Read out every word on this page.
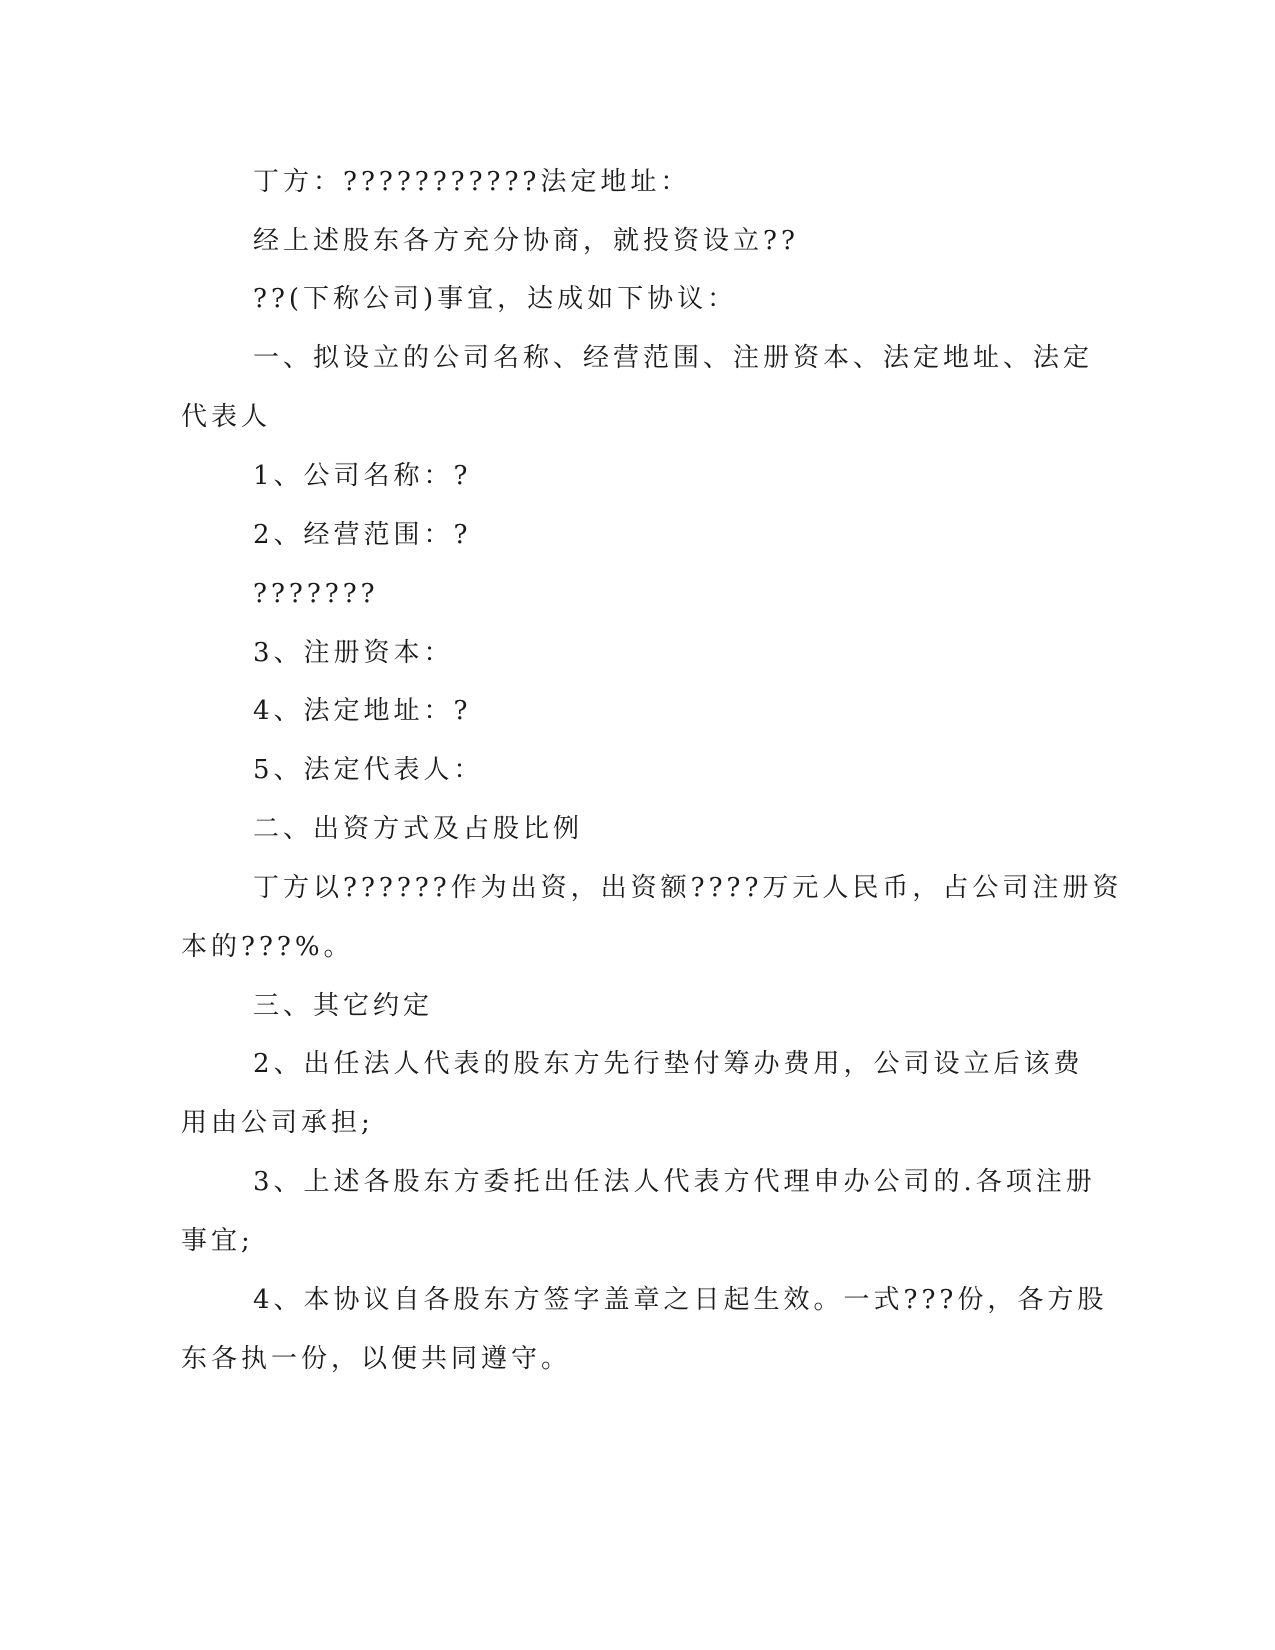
丁方：???????????法定地址：
经上述股东各方充分协商，就投资设立??
??(下称公司)事宜，达成如下协议：
一、拟设立的公司名称、经营范围、注册资本、法定地址、法定
代表人
1、公司名称：?
2、经营范围：?
???????
3、注册资本：
4、法定地址：?
5、法定代表人：
二、出资方式及占股比例
丁方以??????作为出资，出资额????万元人民币，占公司注册资
本的???%。
三、其它约定
2、出任法人代表的股东方先行垫付筹办费用，公司设立后该费
用由公司承担;
3、上述各股东方委托出任法人代表方代理申办公司的.各项注册
事宜;
4、本协议自各股东方签字盖章之日起生效。一式???份，各方股
东各执一份，以便共同遵守。
